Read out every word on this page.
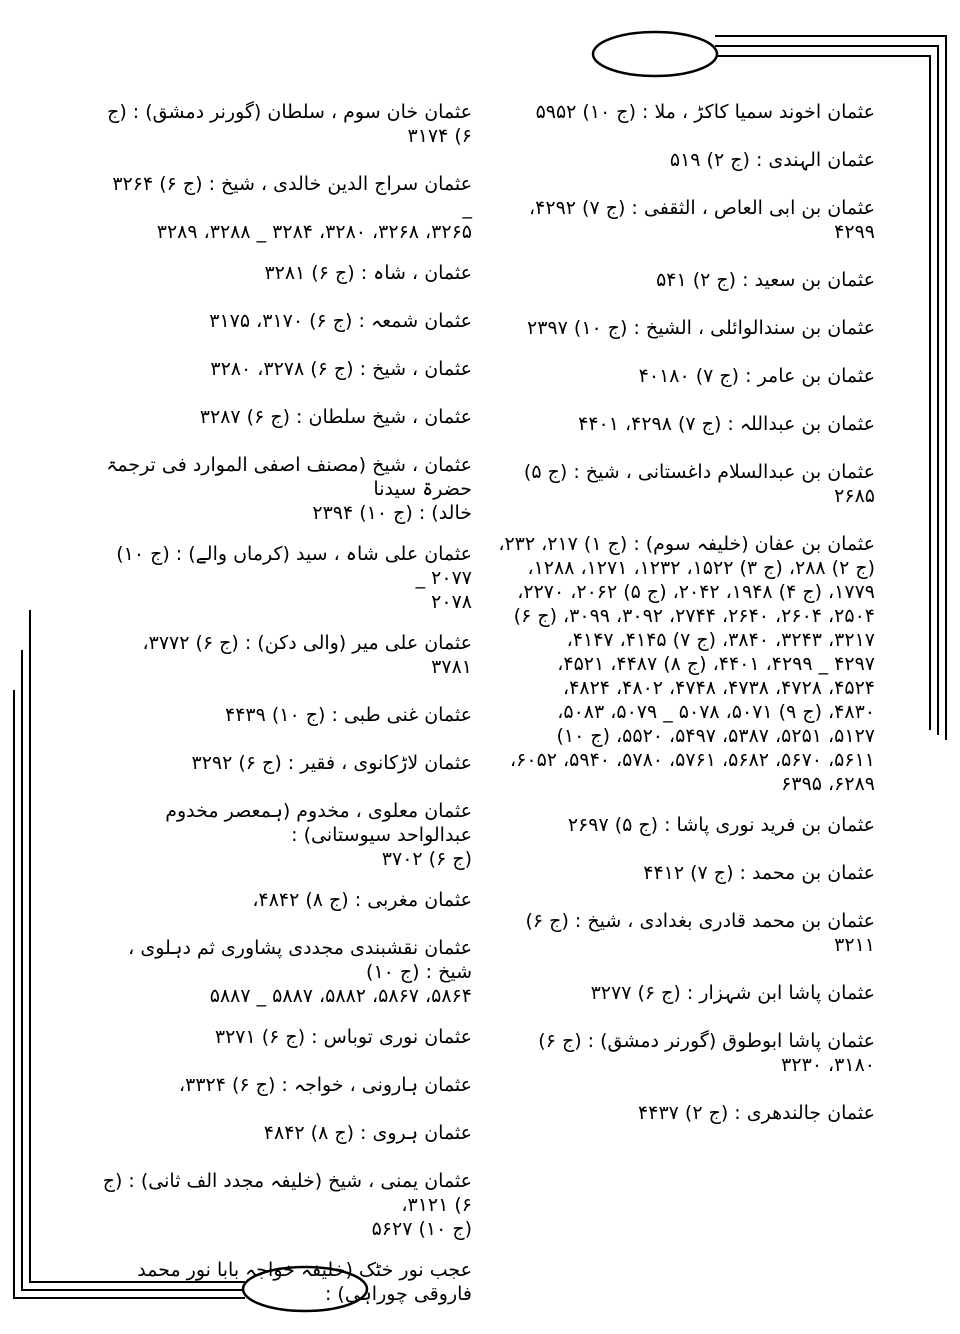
عثمان اخوند سمیا کاکڑ ، ملا : (ج ۱۰) ۵۹۵۲
عثمان الہندی : (ج ۲) ۵۱۹
عثمان بن ابی العاص ، الثقفی : (ج ۷) ۴۲۹۲، ۴۲۹۹
عثمان بن سعید : (ج ۲) ۵۴۱
عثمان بن سندالوائلی ، الشیخ : (ج ۱۰) ۲۳۹۷
عثمان بن عامر : (ج ۷) ۴۰۱۸۰
عثمان بن عبداللہ : (ج ۷) ۴۲۹۸، ۴۴۰۱
عثمان بن عبدالسلام داغستانی ، شیخ : (ج ۵) ۲۶۸۵
عثمان بن عفان (خلیفہ سوم) : (ج ۱) ۲۱۷، ۲۳۲،
(ج ۲) ۲۸۸، (ج ۳) ۱۵۲۲، ۱۲۳۲، ۱۲۷۱، ۱۲۸۸،
۱۷۷۹، (ج ۴) ۱۹۴۸، ۲۰۴۲، (ج ۵) ۲۰۶۲، ۲۲۷۰،
۲۵۰۴، ۲۶۰۴، ۲۶۴۰، ۲۷۴۴، ۳۰۹۲، ۳۰۹۹، (ج ۶)
۳۲۱۷، ۳۲۴۳، ۳۸۴۰، (ج ۷) ۴۱۴۵، ۴۱۴۷،
۴۲۹۷ _ ۴۲۹۹، ۴۴۰۱، (ج ۸) ۴۴۸۷، ۴۵۲۱،
۴۵۲۴، ۴۷۲۸، ۴۷۳۸، ۴۷۴۸، ۴۸۰۲، ۴۸۲۴،
۴۸۳۰، (ج ۹) ۵۰۷۱، ۵۰۷۸ _ ۵۰۷۹، ۵۰۸۳،
۵۱۲۷، ۵۲۵۱، ۵۳۸۷، ۵۴۹۷، ۵۵۲۰، (ج ۱۰)
۵۶۱۱، ۵۶۷۰، ۵۶۸۲، ۵۷۶۱، ۵۷۸۰، ۵۹۴۰، ۶۰۵۲،
۶۲۸۹، ۶۳۹۵
عثمان بن فرید نوری پاشا : (ج ۵) ۲۶۹۷
عثمان بن محمد : (ج ۷) ۴۴۱۲
عثمان بن محمد قادری بغدادی ، شیخ : (ج ۶) ۳۲۱۱
عثمان پاشا ابن شہزار : (ج ۶) ۳۲۷۷
عثمان پاشا ابوطوق (گورنر دمشق) : (ج ۶) ۳۱۸۰، ۳۲۳۰
عثمان جالندھری : (ج ۲) ۴۴۳۷
عثمان خان سوم ، سلطان (گورنر دمشق) : (ج ۶) ۳۱۷۴
عثمان سراج الدین خالدی ، شیخ : (ج ۶) ۳۲۶۴ _
۳۲۶۵، ۳۲۶۸، ۳۲۸۰، ۳۲۸۴ _ ۳۲۸۸، ۳۲۸۹
عثمان ، شاہ : (ج ۶) ۳۲۸۱
عثمان شمعہ : (ج ۶) ۳۱۷۰، ۳۱۷۵
عثمان ، شیخ : (ج ۶) ۳۲۷۸، ۳۲۸۰
عثمان ، شیخ سلطان : (ج ۶) ۳۲۸۷
عثمان ، شیخ (مصنف اصفی الموارد فی ترجمۃ حضرۃ سیدنا
خالد) : (ج ۱۰) ۲۳۹۴
عثمان علی شاہ ، سید (کرماں والے) : (ج ۱۰) ۲۰۷۷ _
۲۰۷۸
عثمان علی میر (والی دکن) : (ج ۶) ۳۷۷۲، ۳۷۸۱
عثمان غنی طبی : (ج ۱۰) ۴۴۳۹
عثمان لاڑکانوی ، فقیر : (ج ۶) ۳۲۹۲
عثمان معلوی ، مخدوم (ہمعصر مخدوم عبدالواحد سیوستانی) :
(ج ۶) ۳۷۰۲
عثمان مغربی : (ج ۸) ۴۸۴۲،
عثمان نقشبندی مجددی پشاوری ثم دہلوی ، شیخ : (ج ۱۰)
۵۸۶۴، ۵۸۶۷، ۵۸۸۲، ۵۸۸۷ _ ۵۸۸۷
عثمان نوری توباس : (ج ۶) ۳۲۷۱
عثمان ہارونی ، خواجہ : (ج ۶) ۳۳۲۴،
عثمان ہروی : (ج ۸) ۴۸۴۲
عثمان یمنی ، شیخ (خلیفہ مجدد الف ثانی) : (ج ۶) ۳۱۲۱،
(ج ۱۰) ۵۶۲۷
عجب نور خٹک (خلیفہ خواجہ بابا نور محمد فاروقی چوراہی) :
